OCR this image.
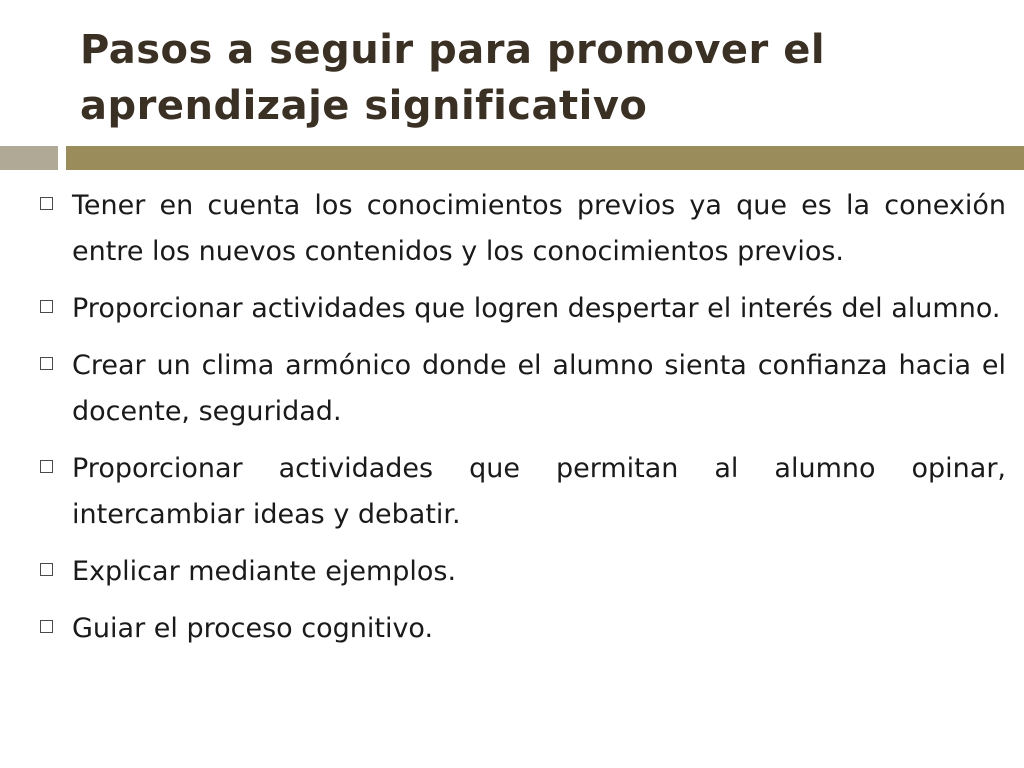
Pasos a seguir para promover el aprendizaje significativo
Tener en cuenta los conocimientos previos ya que es la conexión entre los nuevos contenidos y los conocimientos previos.
Proporcionar actividades que logren despertar el interés del alumno.
Crear un clima armónico donde el alumno sienta confianza hacia el docente, seguridad.
Proporcionar actividades que permitan al alumno opinar, intercambiar ideas y debatir.
Explicar mediante ejemplos.
Guiar el proceso cognitivo.
